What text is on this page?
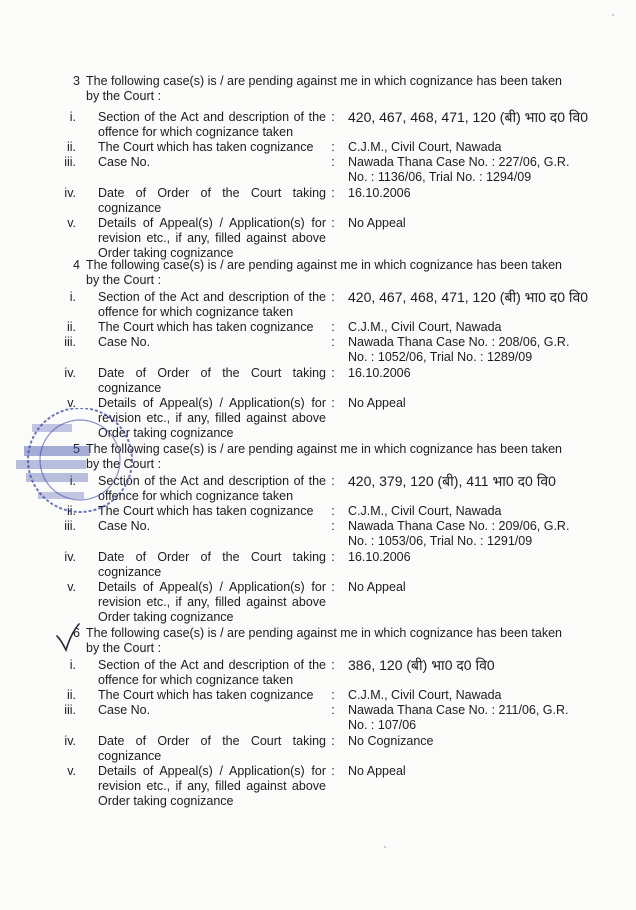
3 The following case(s) is / are pending against me in which cognizance has been taken by the Court :
i. Section of the Act and description of the offence for which cognizance taken
: 420, 467, 468, 471, 120 (बी) भा0 द0 वि0
ii. The Court which has taken cognizance	: C.J.M., Civil Court, Nawada
iii. Case No.	: Nawada Thana Case No. : 227/06, G.R. No. : 1136/06, Trial No. : 1294/09
iv. Date of Order of the Court taking cognizance
: 16.10.2006
v. Details of Appeal(s) / Application(s) for revision etc., if any, filled against above Order taking cognizance
: No Appeal
4 The following case(s) is / are pending against me in which cognizance has been taken by the Court :
i. Section of the Act and description of the offence for which cognizance taken
: 420, 467, 468, 471, 120 (बी) भा0 द0 वि0
ii. The Court which has taken cognizance	: C.J.M., Civil Court, Nawada
iii. Case No.	: Nawada Thana Case No. : 208/06, G.R. No. : 1052/06, Trial No. : 1289/09
iv. Date of Order of the Court taking cognizance
: 16.10.2006
v. Details of Appeal(s) / Application(s) for revision etc., if any, filled against above Order taking cognizance
: No Appeal
5 The following case(s) is / are pending against me in which cognizance has been taken by the Court :
i. Section of the Act and description of the offence for which cognizance taken
: 420, 379, 120 (बी), 411 भा0 द0 वि0
ii. The Court which has taken cognizance	: C.J.M., Civil Court, Nawada
iii. Case No.	: Nawada Thana Case No. : 209/06, G.R. No. : 1053/06, Trial No. : 1291/09
iv. Date of Order of the Court taking cognizance
: 16.10.2006
v. Details of Appeal(s) / Application(s) for revision etc., if any, filled against above Order taking cognizance
: No Appeal
6 The following case(s) is / are pending against me in which cognizance has been taken by the Court :
i. Section of the Act and description of the offence for which cognizance taken
: 386, 120 (बी) भा0 द0 वि0
ii. The Court which has taken cognizance	: C.J.M., Civil Court, Nawada
iii. Case No.	: Nawada Thana Case No. : 211/06, G.R. No. : 107/06
iv. Date of Order of the Court taking cognizance
: No Cognizance
v. Details of Appeal(s) / Application(s) for revision etc., if any, filled against above Order taking cognizance
: No Appeal
